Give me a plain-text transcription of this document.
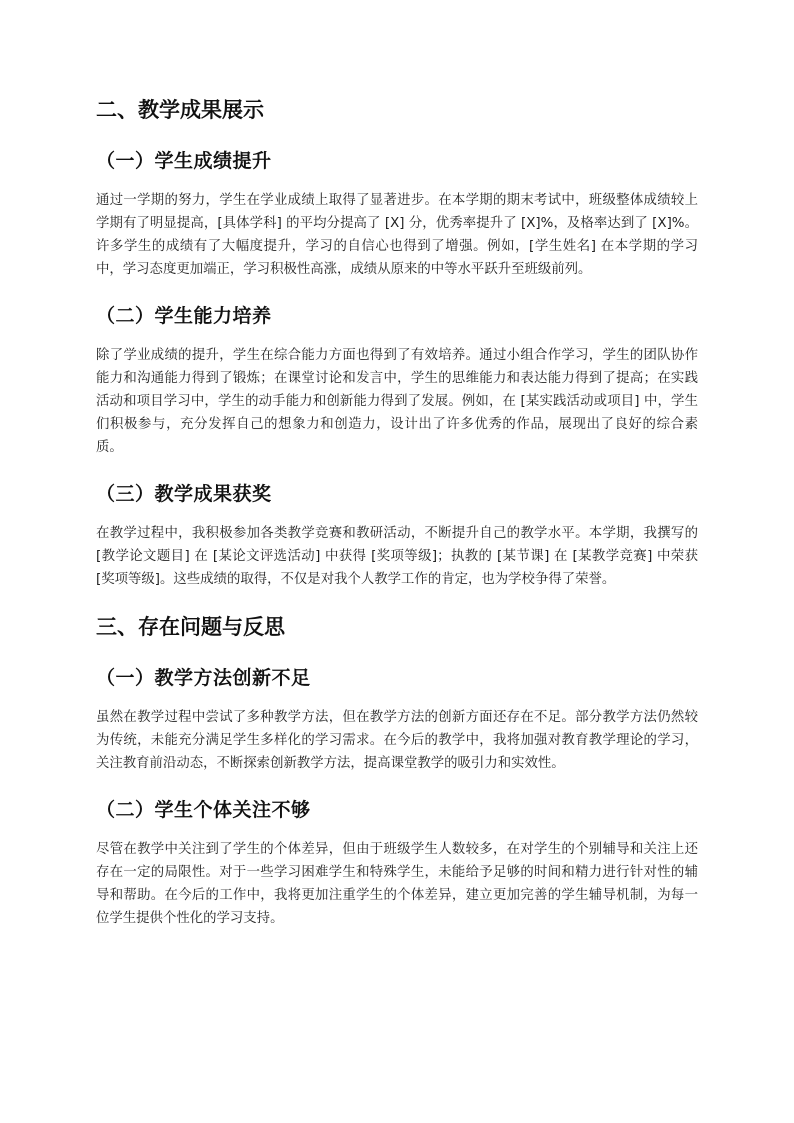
二、教学成果展示
（一）学生成绩提升

通过一学期的努力，学生在学业成绩上取得了显著进步。在本学期的期末考试中，班级整体成绩较上学期有了明显提高，[具体学科] 的平均分提高了 [X] 分，优秀率提升了 [X]%，及格率达到了 [X]%。许多学生的成绩有了大幅度提升，学习的自信心也得到了增强。例如，[学生姓名] 在本学期的学习中，学习态度更加端正，学习积极性高涨，成绩从原来的中等水平跃升至班级前列。

（二）学生能力培养

除了学业成绩的提升，学生在综合能力方面也得到了有效培养。通过小组合作学习，学生的团队协作能力和沟通能力得到了锻炼；在课堂讨论和发言中，学生的思维能力和表达能力得到了提高；在实践活动和项目学习中，学生的动手能力和创新能力得到了发展。例如，在 [某实践活动或项目] 中，学生们积极参与，充分发挥自己的想象力和创造力，设计出了许多优秀的作品，展现出了良好的综合素质。

（三）教学成果获奖

在教学过程中，我积极参加各类教学竞赛和教研活动，不断提升自己的教学水平。本学期，我撰写的 [教学论文题目] 在 [某论文评选活动] 中获得 [奖项等级]；执教的 [某节课] 在 [某教学竞赛] 中荣获 [奖项等级]。这些成绩的取得，不仅是对我个人教学工作的肯定，也为学校争得了荣誉。

三、存在问题与反思
（一）教学方法创新不足

虽然在教学过程中尝试了多种教学方法，但在教学方法的创新方面还存在不足。部分教学方法仍然较为传统，未能充分满足学生多样化的学习需求。在今后的教学中，我将加强对教育教学理论的学习，关注教育前沿动态，不断探索创新教学方法，提高课堂教学的吸引力和实效性。

（二）学生个体关注不够

尽管在教学中关注到了学生的个体差异，但由于班级学生人数较多，在对学生的个别辅导和关注上还存在一定的局限性。对于一些学习困难学生和特殊学生，未能给予足够的时间和精力进行针对性的辅导和帮助。在今后的工作中，我将更加注重学生的个体差异，建立更加完善的学生辅导机制，为每一位学生提供个性化的学习支持。
